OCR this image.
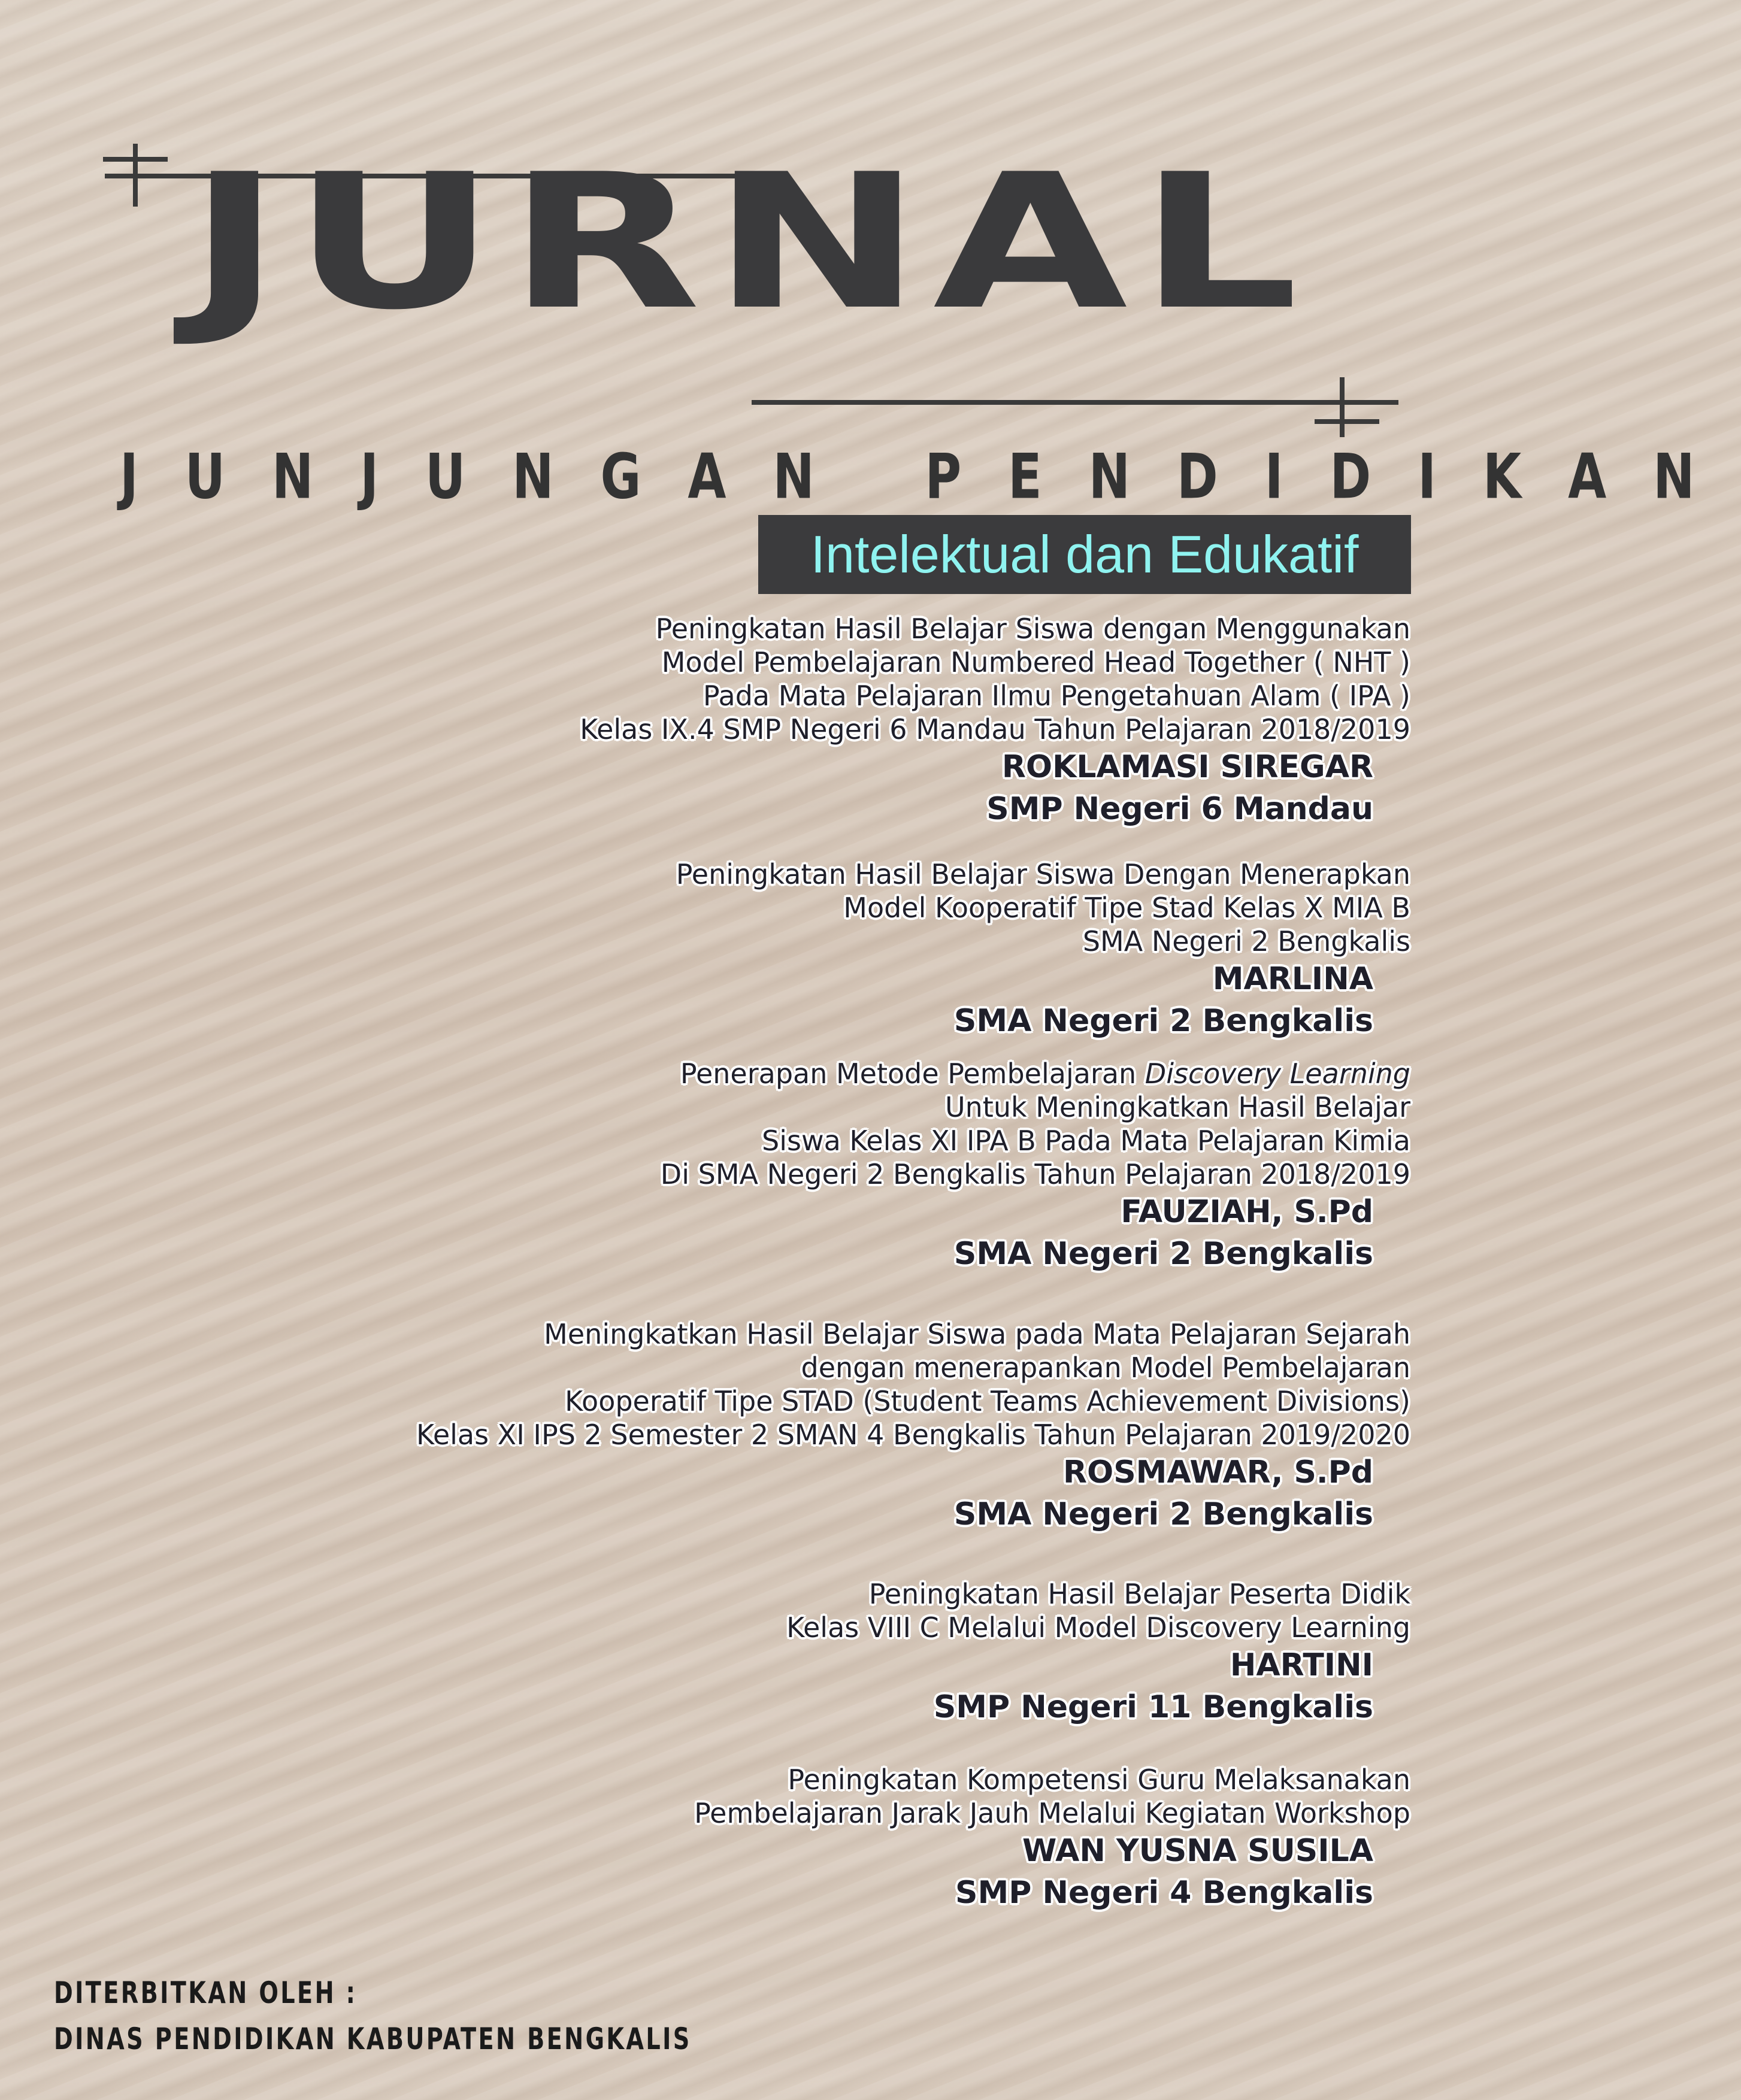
JURNAL
JUNJUNGAN PENDIDIKAN
Intelektual dan Edukatif
Peningkatan Hasil Belajar Siswa dengan Menggunakan
Model Pembelajaran Numbered Head Together ( NHT )
Pada Mata Pelajaran Ilmu Pengetahuan Alam ( IPA )
Kelas IX.4 SMP Negeri 6 Mandau Tahun Pelajaran 2018/2019
ROKLAMASI SIREGAR
SMP Negeri 6 Mandau
Peningkatan Hasil Belajar Siswa Dengan Menerapkan
Model Kooperatif Tipe Stad Kelas X MIA B
SMA Negeri 2 Bengkalis
MARLINA
SMA Negeri 2 Bengkalis
Penerapan Metode Pembelajaran Discovery Learning
Untuk Meningkatkan Hasil Belajar
Siswa Kelas XI IPA B Pada Mata Pelajaran Kimia
Di SMA Negeri 2 Bengkalis Tahun Pelajaran 2018/2019
FAUZIAH, S.Pd
SMA Negeri 2 Bengkalis
Meningkatkan Hasil Belajar Siswa pada Mata Pelajaran Sejarah
dengan menerapankan Model Pembelajaran
Kooperatif Tipe STAD (Student Teams Achievement Divisions)
Kelas XI IPS 2 Semester 2 SMAN 4 Bengkalis Tahun Pelajaran 2019/2020
ROSMAWAR, S.Pd
SMA Negeri 2 Bengkalis
Peningkatan Hasil Belajar Peserta Didik
Kelas VIII C Melalui Model Discovery Learning
HARTINI
SMP Negeri 11 Bengkalis
Peningkatan Kompetensi Guru Melaksanakan
Pembelajaran Jarak Jauh Melalui Kegiatan Workshop
WAN YUSNA SUSILA
SMP Negeri 4 Bengkalis
DITERBITKAN OLEH :
DINAS PENDIDIKAN KABUPATEN BENGKALIS
